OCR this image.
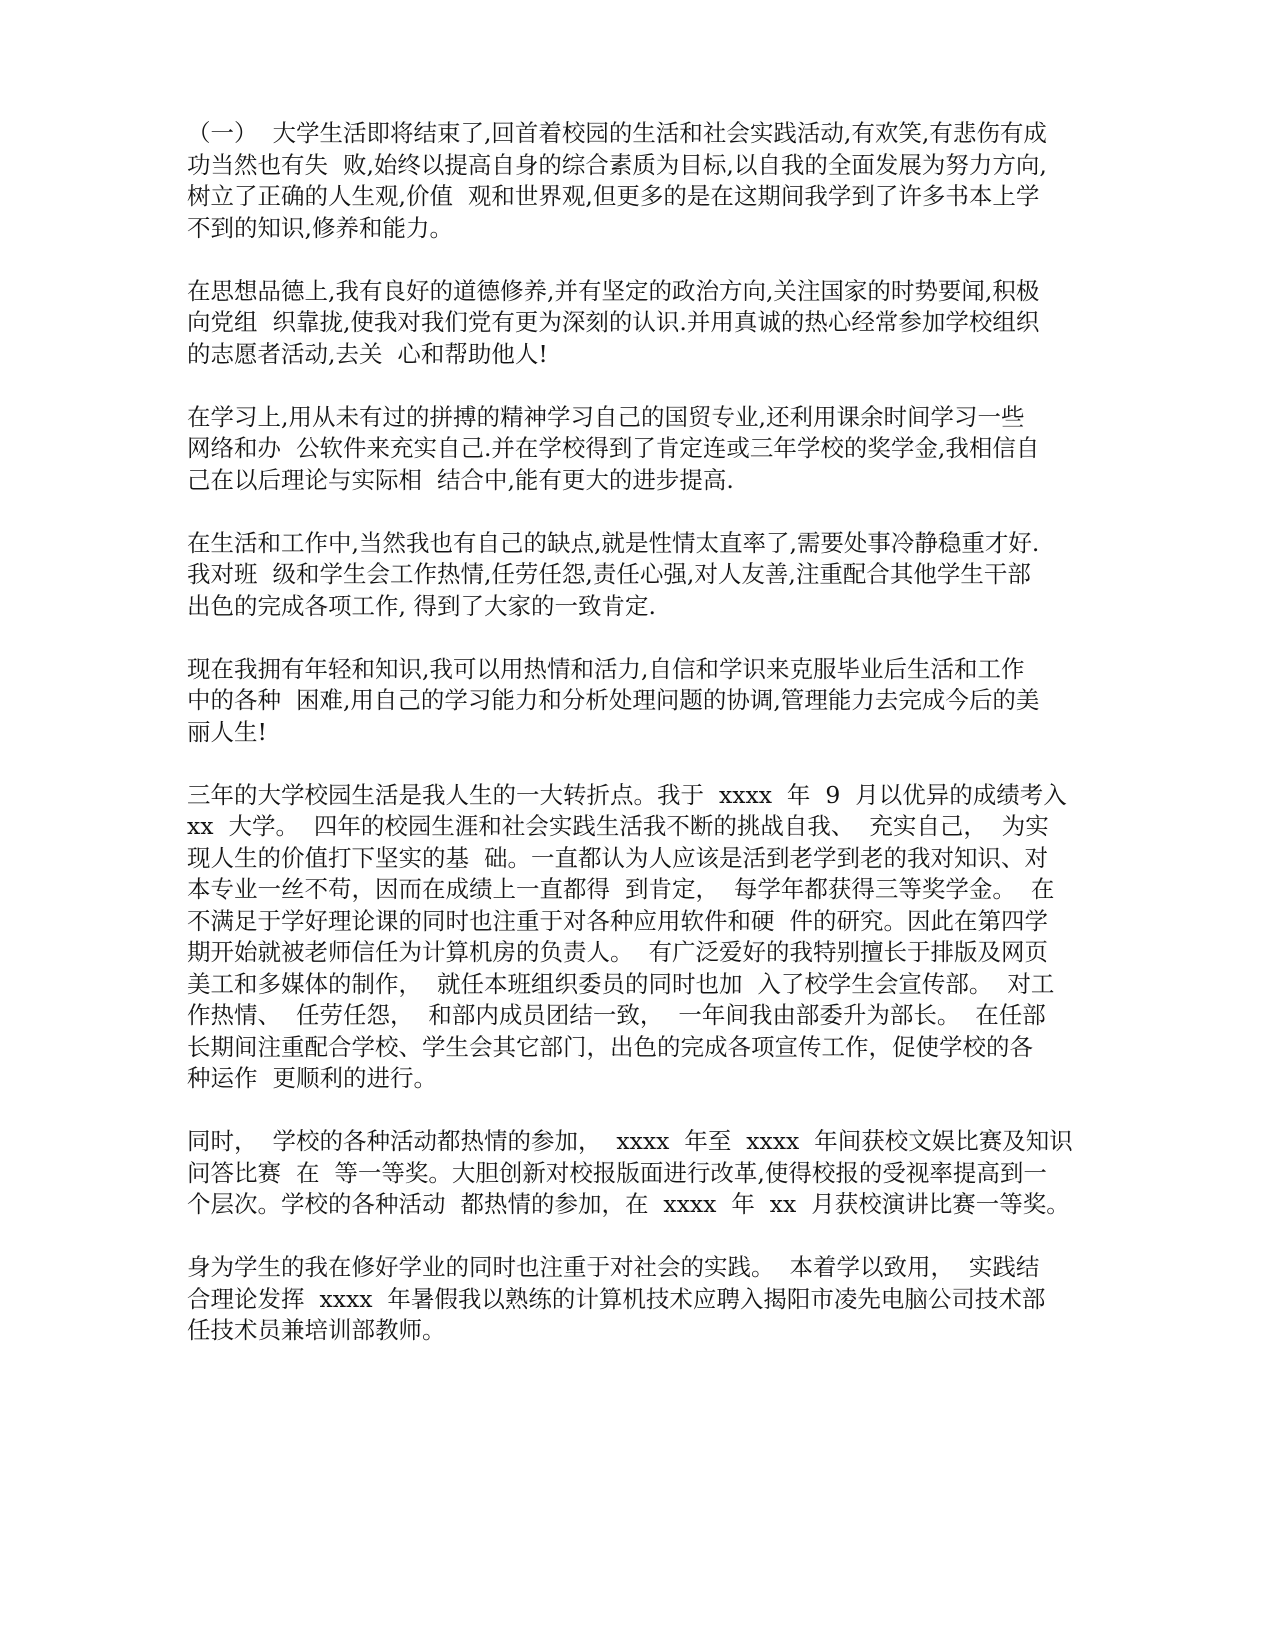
（一）  大学生活即将结束了,回首着校园的生活和社会实践活动,有欢笑,有悲伤有成
功当然也有失  败,始终以提高自身的综合素质为目标,以自我的全面发展为努力方向,
树立了正确的人生观,价值  观和世界观,但更多的是在这期间我学到了许多书本上学
不到的知识,修养和能力。
在思想品德上,我有良好的道德修养,并有坚定的政治方向,关注国家的时势要闻,积极
向党组  织靠拢,使我对我们党有更为深刻的认识.并用真诚的热心经常参加学校组织
的志愿者活动,去关  心和帮助他人!
在学习上,用从未有过的拼搏的精神学习自己的国贸专业,还利用课余时间学习一些
网络和办  公软件来充实自己.并在学校得到了肯定连或三年学校的奖学金,我相信自
己在以后理论与实际相  结合中,能有更大的进步提高.
在生活和工作中,当然我也有自己的缺点,就是性情太直率了,需要处事冷静稳重才好.
我对班  级和学生会工作热情,任劳任怨,责任心强,对人友善,注重配合其他学生干部
出色的完成各项工作, 得到了大家的一致肯定.
现在我拥有年轻和知识,我可以用热情和活力,自信和学识来克服毕业后生活和工作
中的各种  困难,用自己的学习能力和分析处理问题的协调,管理能力去完成今后的美
丽人生!
三年的大学校园生活是我人生的一大转折点。我于  xxxx  年  9  月以优异的成绩考入
xx  大学。  四年的校园生涯和社会实践生活我不断的挑战自我、  充实自己，  为实
现人生的价值打下坚实的基  础。一直都认为人应该是活到老学到老的我对知识、对
本专业一丝不苟，因而在成绩上一直都得  到肯定，  每学年都获得三等奖学金。  在
不满足于学好理论课的同时也注重于对各种应用软件和硬  件的研究。因此在第四学
期开始就被老师信任为计算机房的负责人。  有广泛爱好的我特别擅长于排版及网页
美工和多媒体的制作，  就任本班组织委员的同时也加  入了校学生会宣传部。  对工
作热情、  任劳任怨，  和部内成员团结一致，  一年间我由部委升为部长。  在任部
长期间注重配合学校、学生会其它部门，出色的完成各项宣传工作，促使学校的各
种运作  更顺利的进行。
同时，  学校的各种活动都热情的参加，  xxxx  年至  xxxx  年间获校文娱比赛及知识
问答比赛  在  等一等奖。大胆创新对校报版面进行改革,使得校报的受视率提高到一
个层次。学校的各种活动  都热情的参加，在  xxxx  年  xx  月获校演讲比赛一等奖。
身为学生的我在修好学业的同时也注重于对社会的实践。  本着学以致用，  实践结
合理论发挥  xxxx  年暑假我以熟练的计算机技术应聘入揭阳市凌先电脑公司技术部
任技术员兼培训部教师。
